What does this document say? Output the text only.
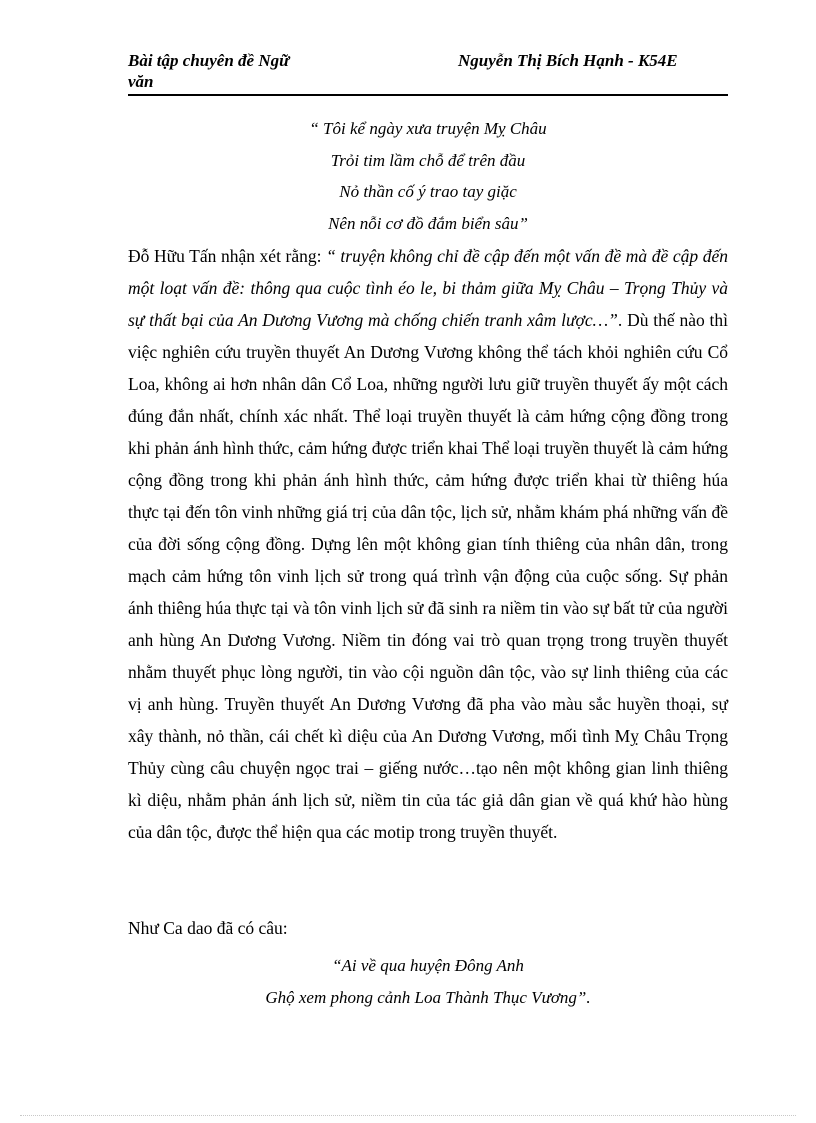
Bài tập chuyên đề Ngữ văn
Nguyễn Thị Bích Hạnh - K54E
“ Tôi kể ngày xưa truyện Mỵ Châu
Trỏi tim lầm chỗ để trên đầu
Nỏ thần cố ý trao tay giặc
Nên nỗi cơ đồ đắm biển sâu”
Đỗ Hữu Tấn nhận xét rằng: “ truyện không chỉ đề cập đến một vấn đề mà đề cập đến một loạt vấn đề: thông qua cuộc tình éo le, bi thảm giữa Mỵ Châu – Trọng Thủy và sự thất bại của An Dương Vương mà chống chiến tranh xâm lược…”. Dù thế nào thì việc nghiên cứu truyền thuyết An Dương Vương không thể tách khỏi nghiên cứu Cổ Loa, không ai hơn nhân dân Cổ Loa, những người lưu giữ truyền thuyết ấy một cách đúng đắn nhất, chính xác nhất. Thể loại truyền thuyết là cảm hứng cộng đồng trong khi phản ánh hình thức, cảm hứng được triển khai Thể loại truyền thuyết là cảm hứng cộng đồng trong khi phản ánh hình thức, cảm hứng được triển khai từ thiêng húa thực tại đến tôn vinh những giá trị của dân tộc, lịch sử, nhằm khám phá những vấn đề của đời sống cộng đồng. Dựng lên một không gian tính thiêng của nhân dân, trong mạch cảm hứng tôn vinh lịch sử trong quá trình vận động của cuộc sống. Sự phản ánh thiêng húa thực tại và tôn vinh lịch sử đã sinh ra niềm tin vào sự bất tử của người anh hùng An Dương Vương. Niềm tin đóng vai trò quan trọng trong truyền thuyết nhằm thuyết phục lòng người, tin vào cội nguồn dân tộc, vào sự linh thiêng của các vị anh hùng. Truyền thuyết An Dương Vương đã pha vào màu sắc huyền thoại, sự xây thành, nỏ thần, cái chết kì diệu của An Dương Vương, mối tình Mỵ Châu Trọng Thủy cùng câu chuyện ngọc trai – giếng nước…tạo nên một không gian linh thiêng kì diệu, nhằm phản ánh lịch sử, niềm tin của tác giả dân gian về quá khứ hào hùng của dân tộc, được thể hiện qua các motip trong truyền thuyết.
Như Ca dao đã có câu:
“Ai về qua huyện Đông Anh
Ghộ xem phong cảnh Loa Thành Thục Vương”.
